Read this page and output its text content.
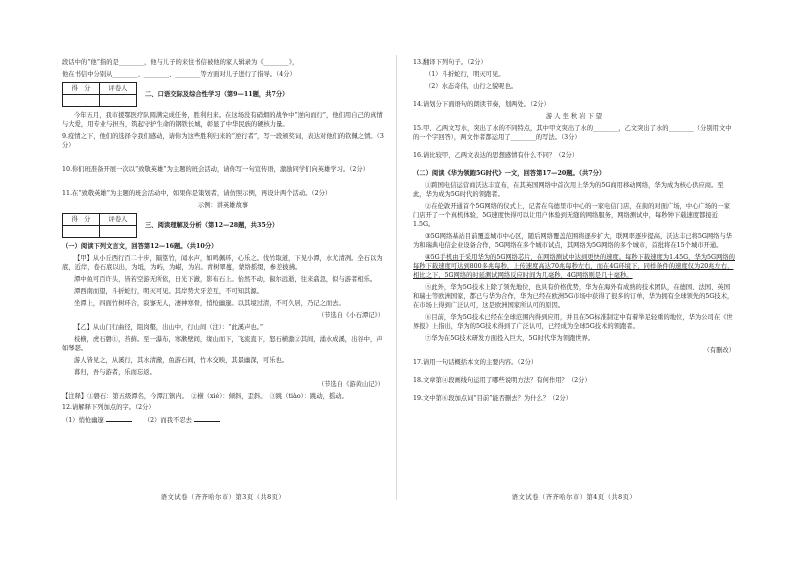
段话中的“他”指的是________，他与儿子的来往书信被他的家人辑录为《________》，

他在书信中分别从________、________、________等方面对儿子进行了指导。（4分）

得　分	评卷人

二、口语交际及综合性学习（第9—11题，共7分）

今年五月，我市援鄂医疗队圆满完成任务，胜利归来。在这场没有硝烟的战争中“逆向而行”，他们用自己的真情与大爱，用专业与担当，筑起守护生命的钢铁长城，彰显了中华民族的硬核力量。

9.疫情之下，他们的选择令我们感动，请你为这些胜利归来的“逆行者”，写一段颁奖词，表达对他们的钦佩之情。（3分）

10.你们班准备开展一次以“致敬英雄”为主题的班会活动，请你写一句宣传语，激励同学们向英雄学习。（2分）

11.在“致敬英雄”为主题的班会活动中，如果你是策划者，请仿照示例，再设计两个活动。（2分）

示例：讲英雄故事

得　分	评卷人

三、阅读理解及分析（第12—28题，共35分）

（一）阅读下列文言文，回答第12—16题。（共10分）

【甲】从小丘西行百二十步，隔篁竹，闻水声，如鸣佩环，心乐之。伐竹取道，下见小潭，水尤清冽。全石以为底，近岸，卷石底以出，为坻，为屿，为嵁，为岩。青树翠蔓，蒙络摇缀，参差披拂。

潭中鱼可百许头，皆若空游无所依，日光下澈，影布石上。佁然不动，俶尔远逝，往来翕忽，似与游者相乐。

潭西南而望，斗折蛇行，明灭可见。其岸势犬牙差互，不可知其源。

坐潭上，四面竹树环合，寂寥无人，凄神寒骨，悄怆幽邃。以其境过清，不可久居，乃记之而去。

（节选自《小石潭记》）

【乙】从山门行曲径，阻岗壑，出山中，行山间（注）：“此溪声也。”

枝横，虎石磐①，苔藓。至一瀑布，寒漱壁间，缘山而下，飞流直下，怒石横激②其间，涌水成溪，出谷中，声如琴瑟。

游人皆见之，从溪行，其水清澈，鱼游石间，竹木交映，其景幽深，可乐也。

暮归，吾与游者，乐而忘返。

（节选自《游黄山记》）

【注释】①磐石：第五级潭名，今潭江镇内。　②横（xié）：倾斜，歪斜。　③跳（tiào）：跳动，摇动。

12.请解释下列加点的字。（2分）

（1）悄怆幽邃	（2）而我不忍去

语文试卷（齐齐哈尔市）第3页（共8页）

13.翻译下列句子。（2分）

（1）斗折蛇行，明灭可见。

（2）水态奇伟，山行之貌呢也。

14.请划分下面语句的朗读节奏，划两处。（2分）

游 人 坐 秋 岩 下 望

15.甲、乙两文写水，突出了水的不同特点，其中甲文突出了水的________，乙文突出了水的________（分别用文中的一个字回答），两文作者都运用了________的写法。（3分）

16.请比较甲、乙两文表达的思想感情有什么不同？（2分）

（二）阅读《华为领跑5G时代》一文，回答第17—20题。（共7分）

①跨国电信运营商沃达丰宣布，在其英国网络中首次用上华为的5G商用移动网络，华为成为核心供应商。至此，华为成为5G时代的领跑者。

②在伦敦开通首个5G网络的仪式上，记者在乌德里市中心的一家电信门店，在街的对面广场，中心广场的一家门店开了一个真机体验，5G速度快得可以让用户体验到无缝的网络服务，网络测试中，每秒钟下载速度都接近1.5G。

③5G网络基站目前覆盖城市中心区，随后网络覆盖范围将逐步扩大，联网率逐步提高，沃达丰已将5G网络与华为和瑞典电信企业设备合作，5G网络在多个城市试点，其网络为5G网络的多个城市，首批将在15个城市开通。

④5G手机由于采用华为的5G网络芯片，在网络测试中达到更快的速度。每秒下载速度为1.45G，华为5G网络的每秒下载速度可达到800多兆每秒，上传速度高达70兆每秒左右，而在4G环境下，同样条件的速度仅为20兆左右，相比之下，5G网络的时延测试网络反应时间为几毫秒，4G网络则是几十毫秒。

⑤此外，华为5G技术上除了领先地位，也具有价格优势，华为在海外有成熟的技术团队，在德国、法国、英国和瑞士等欧洲国家，都已与华为合作，华为已经在欧洲5G市场中获得了很多的订单，华为拥有全球领先的5G技术，在市场上得到广泛认可，这是欧洲国家所认可的原因。

⑥目前，华为5G技术已经在全球范围内得到应用，并且在5G标准制定中有着举足轻重的地位，华为公司在《世界报》上指出，华为的5G技术得到了广泛认可，已经成为全球5G技术的领跑者。

⑦华为在5G技术研发方面投入巨大，5G时代华为领跑世界。

（有删改）

17.请用一句话概括本文的主要内容。（2分）

18.文章第④段画线句运用了哪些说明方法？有何作用？（2分）

19.文中第⑥段加点词“目前”能否删去？为什么？（2分）

语文试卷（齐齐哈尔市）第4页（共8页）
